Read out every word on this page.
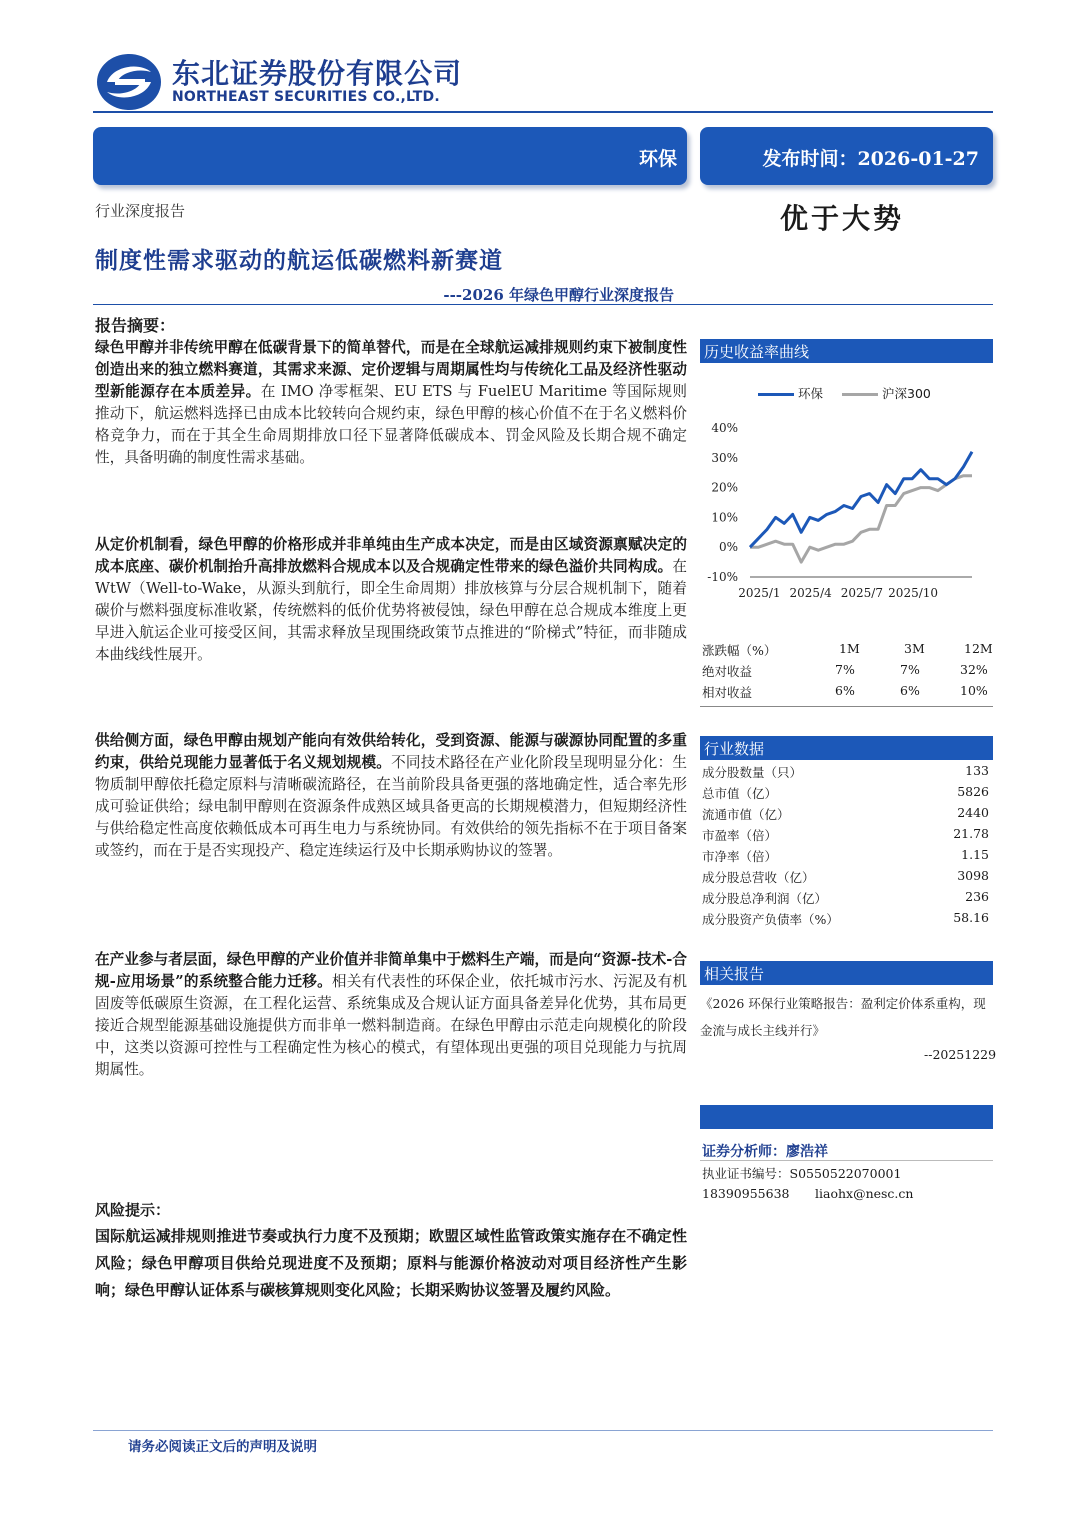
东北证券股份有限公司
NORTHEAST SECURITIES CO.,LTD.
环保	发布时间：2026-01-27
行业深度报告	优于大势
制度性需求驱动的航运低碳燃料新赛道
---2026 年绿色甲醇行业深度报告
报告摘要：
绿色甲醇并非传统甲醇在低碳背景下的简单替代，而是在全球航运减排规则约束下被制度性创造出来的独立燃料赛道，其需求来源、定价逻辑与周期属性均与传统化工品及经济性驱动型新能源存在本质差异。在 IMO 净零框架、EU ETS 与 FuelEU Maritime 等国际规则推动下，航运燃料选择已由成本比较转向合规约束，绿色甲醇的核心价值不在于名义燃料价格竞争力，而在于其全生命周期排放口径下显著降低碳成本、罚金风险及长期合规不确定性，具备明确的制度性需求基础。
从定价机制看，绿色甲醇的价格形成并非单纯由生产成本决定，而是由区域资源禀赋决定的成本底座、碳价机制抬升高排放燃料合规成本以及合规确定性带来的绿色溢价共同构成。在 WtW（Well-to-Wake，从源头到航行，即全生命周期）排放核算与分层合规机制下，随着碳价与燃料强度标准收紧，传统燃料的低价优势将被侵蚀，绿色甲醇在总合规成本维度上更早进入航运企业可接受区间，其需求释放呈现围绕政策节点推进的“阶梯式”特征，而非随成本曲线线性展开。
供给侧方面，绿色甲醇由规划产能向有效供给转化，受到资源、能源与碳源协同配置的多重约束，供给兑现能力显著低于名义规划规模。不同技术路径在产业化阶段呈现明显分化：生物质制甲醇依托稳定原料与清晰碳流路径，在当前阶段具备更强的落地确定性，适合率先形成可验证供给；绿电制甲醇则在资源条件成熟区域具备更高的长期规模潜力，但短期经济性与供给稳定性高度依赖低成本可再生电力与系统协同。有效供给的领先指标不在于项目备案或签约，而在于是否实现投产、稳定连续运行及中长期承购协议的签署。
在产业参与者层面，绿色甲醇的产业价值并非简单集中于燃料生产端，而是向“资源-技术-合规-应用场景”的系统整合能力迁移。相关有代表性的环保企业，依托城市污水、污泥及有机固废等低碳原生资源，在工程化运营、系统集成及合规认证方面具备差异化优势，其布局更接近合规型能源基础设施提供方而非单一燃料制造商。在绿色甲醇由示范走向规模化的阶段中，这类以资源可控性与工程确定性为核心的模式，有望体现出更强的项目兑现能力与抗周期属性。
风险提示：
国际航运减排规则推进节奏或执行力度不及预期；欧盟区域性监管政策实施存在不确定性风险；绿色甲醇项目供给兑现进度不及预期；原料与能源价格波动对项目经济性产生影响；绿色甲醇认证体系与碳核算规则变化风险；长期采购协议签署及履约风险。
历史收益率曲线
环保	沪深300
40%
30%
20%
10%
0%
-10%
2025/1 2025/4 2025/7 2025/10
涨跌幅（%）	1M	3M	12M
绝对收益	7%	7%	32%
相对收益	6%	6%	10%
行业数据
成分股数量（只）	133
总市值（亿）	5826
流通市值（亿）	2440
市盈率（倍）	21.78
市净率（倍）	1.15
成分股总营收（亿）	3098
成分股总净利润（亿）	236
成分股资产负债率（%）	58.16
相关报告
《2026 环保行业策略报告：盈利定价体系重构，现金流与成长主线并行》
--20251229
证券分析师：廖浩祥
执业证书编号：S0550522070001
18390955638 liaohx@nesc.cn
请务必阅读正文后的声明及说明
